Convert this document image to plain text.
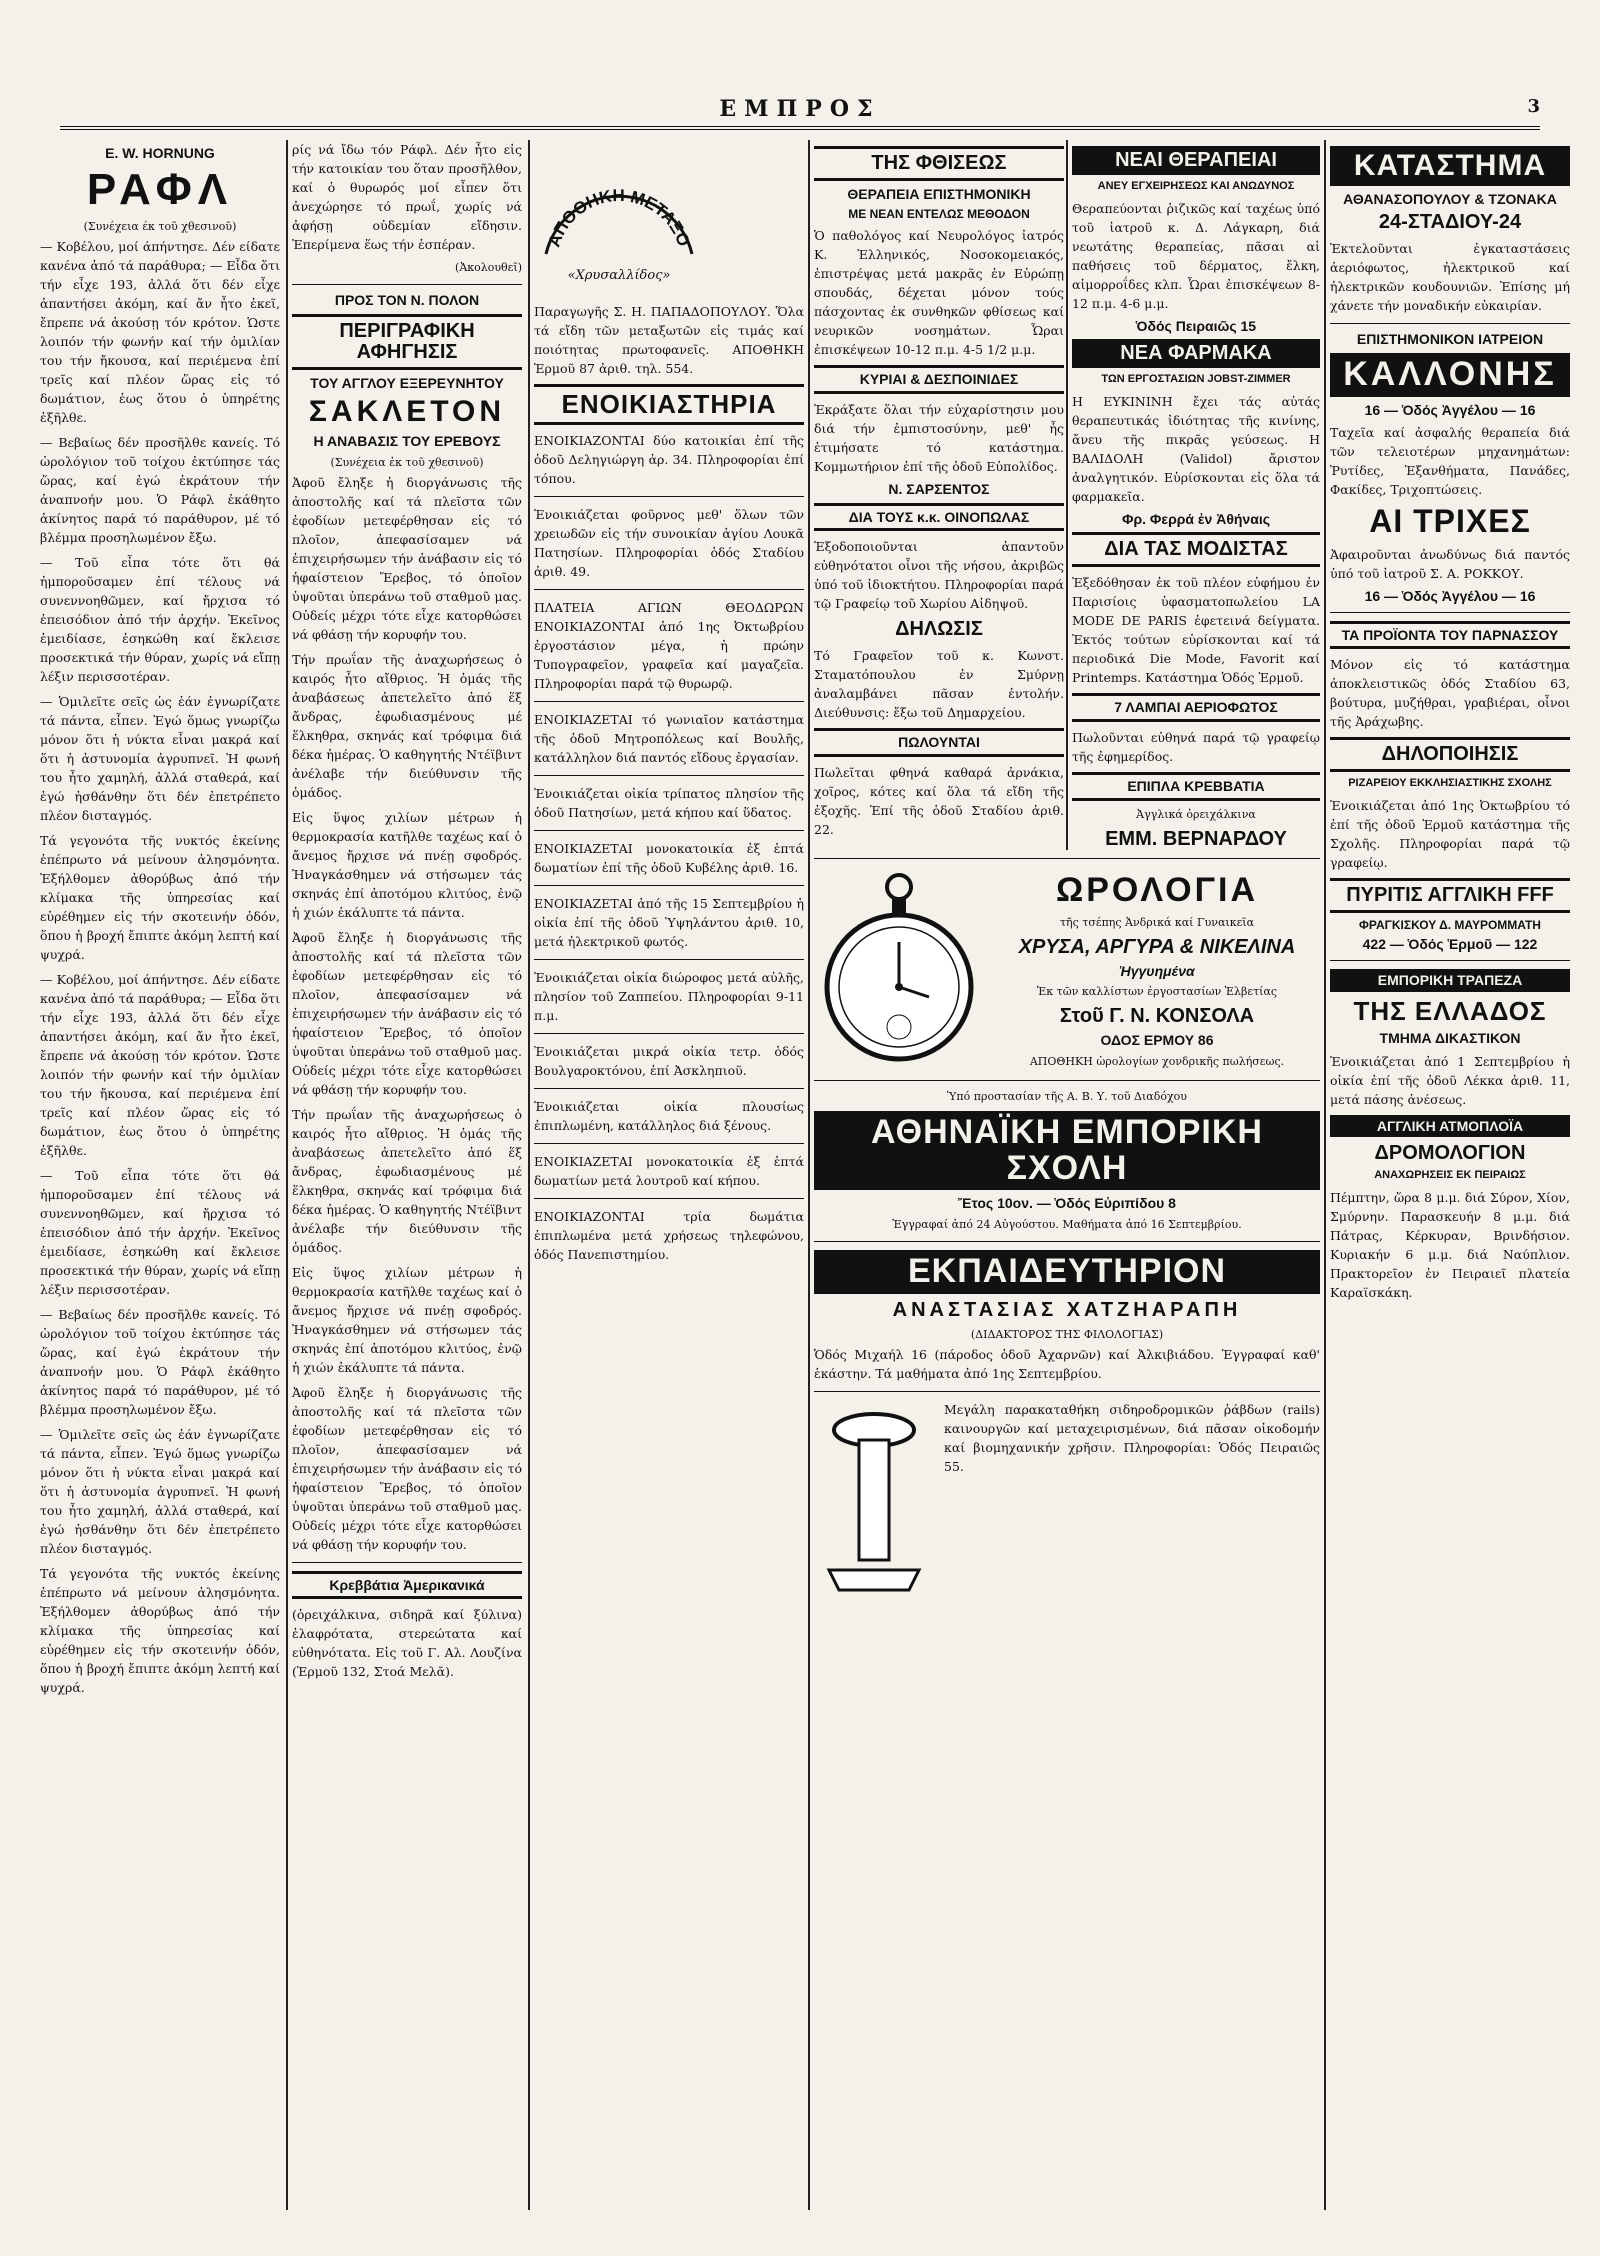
ΕΜΠΡΟΣ	3
E. W. HORNUNG
ΡΑΦΛ
(Συνέχεια έκ τοῦ χθεσινοῦ)

— Κοβέλου, μοί άπήντησε. Δέν είδατε κανένα ἀπό τά παράθυρα; — Εἶδα ὅτι τήν εἶχε 193, ἀλλά ὅτι δέν εἶχε ἀπαντήσει ἀκόμη, καί ἄν ἦτο ἐκεῖ, ἔπρεπε νά ἀκούσῃ τόν κρότον. Ὡστε λοιπόν τήν φωνήν καί τήν ὁμιλίαν του τήν ἤκουσα, καί περιέμενα ἐπί τρεῖς καί πλέον ὥρας εἰς τό δωμάτιον, ἐως ὅτου ὁ ὑπηρέτης ἐξῆλθε.

— Βεβαίως δέν προσῆλθε κανείς. Τό ὡρολόγιον τοῦ τοίχου ἐκτύπησε τάς ὥρας, καί ἐγώ ἐκράτουν τήν ἀναπνοήν μου. Ὁ Ράφλ ἐκάθητο ἀκίνητος παρά τό παράθυρον, μέ τό βλέμμα προσηλωμένον ἔξω.

— Τοῦ εἶπα τότε ὅτι θά ἠμποροῦσαμεν ἐπί τέλους νά συνεννοηθῶμεν, καί ἤρχισα τό ἐπεισόδιον ἀπό τήν ἀρχήν. Ἐκεῖνος ἐμειδίασε, ἐσηκώθη καί ἔκλεισε προσεκτικά τήν θύραν, χωρίς νά εἴπῃ λέξιν περισσοτέραν.

— Ὁμιλεῖτε σεῖς ὡς ἐάν ἐγνωρίζατε τά πάντα, εἶπεν. Ἐγώ ὅμως γνωρίζω μόνον ὅτι ἡ νύκτα εἶναι μακρά καί ὅτι ἡ ἀστυνομία ἀγρυπνεῖ. Ἡ φωνή του ἦτο χαμηλή, ἀλλά σταθερά, καί ἐγώ ἠσθάνθην ὅτι δέν ἐπετρέπετο πλέον δισταγμός.

Τά γεγονότα τῆς νυκτός ἐκείνης ἐπέπρωτο νά μείνουν ἀλησμόνητα. Ἐξήλθομεν ἀθορύβως ἀπό τήν κλίμακα τῆς ὑπηρεσίας καί εὑρέθημεν εἰς τήν σκοτεινήν ὁδόν, ὅπου ἡ βροχή ἔπιπτε ἀκόμη λεπτή καί ψυχρά.

— Κοβέλου, μοί άπήντησε. Δέν είδατε κανένα ἀπό τά παράθυρα; — Εἶδα ὅτι τήν εἶχε 193, ἀλλά ὅτι δέν εἶχε ἀπαντήσει ἀκόμη, καί ἄν ἦτο ἐκεῖ, ἔπρεπε νά ἀκούσῃ τόν κρότον. Ὡστε λοιπόν τήν φωνήν καί τήν ὁμιλίαν του τήν ἤκουσα, καί περιέμενα ἐπί τρεῖς καί πλέον ὥρας εἰς τό δωμάτιον, ἐως ὅτου ὁ ὑπηρέτης ἐξῆλθε.

— Τοῦ εἶπα τότε ὅτι θά ἠμποροῦσαμεν ἐπί τέλους νά συνεννοηθῶμεν, καί ἤρχισα τό ἐπεισόδιον ἀπό τήν ἀρχήν. Ἐκεῖνος ἐμειδίασε, ἐσηκώθη καί ἔκλεισε προσεκτικά τήν θύραν, χωρίς νά εἴπῃ λέξιν περισσοτέραν.

— Βεβαίως δέν προσῆλθε κανείς. Τό ὡρολόγιον τοῦ τοίχου ἐκτύπησε τάς ὥρας, καί ἐγώ ἐκράτουν τήν ἀναπνοήν μου. Ὁ Ράφλ ἐκάθητο ἀκίνητος παρά τό παράθυρον, μέ τό βλέμμα προσηλωμένον ἔξω.

— Ὁμιλεῖτε σεῖς ὡς ἐάν ἐγνωρίζατε τά πάντα, εἶπεν. Ἐγώ ὅμως γνωρίζω μόνον ὅτι ἡ νύκτα εἶναι μακρά καί ὅτι ἡ ἀστυνομία ἀγρυπνεῖ. Ἡ φωνή του ἦτο χαμηλή, ἀλλά σταθερά, καί ἐγώ ἠσθάνθην ὅτι δέν ἐπετρέπετο πλέον δισταγμός.

Τά γεγονότα τῆς νυκτός ἐκείνης ἐπέπρωτο νά μείνουν ἀλησμόνητα. Ἐξήλθομεν ἀθορύβως ἀπό τήν κλίμακα τῆς ὑπηρεσίας καί εὑρέθημεν εἰς τήν σκοτεινήν ὁδόν, ὅπου ἡ βροχή ἔπιπτε ἀκόμη λεπτή καί ψυχρά.

ρίς νά ἴδω τόν Ράφλ. Δέν ἦτο εἰς τήν κατοικίαν του ὅταν προσῆλθον, καί ὁ θυρωρός μοί εἶπεν ὅτι ἀνεχώρησε τό πρωΐ, χωρίς νά ἀφήσῃ οὐδεμίαν εἴδησιν. Ἐπερίμενα ἕως τήν ἑσπέραν.

(Ἀκολουθεῖ)
ΠΡΟΣ ΤΟΝ Ν. ΠΟΛΟΝ
ΠΕΡΙΓΡΑΦΙΚΗ ΑΦΗΓΗΣΙΣ
ΤΟΥ ΑΓΓΛΟΥ ΕΞΕΡΕΥΝΗΤΟΥ
ΣΑΚΛΕΤΟΝ
Η ΑΝΑΒΑΣΙΣ ΤΟΥ ΕΡΕΒΟΥΣ
(Συνέχεια ἐκ τοῦ χθεσινοῦ)

Ἀφοῦ ἔληξε ἡ διοργάνωσις τῆς ἀποστολῆς καί τά πλεῖστα τῶν ἐφοδίων μετεφέρθησαν εἰς τό πλοῖον, ἀπεφασίσαμεν νά ἐπιχειρήσωμεν τήν ἀνάβασιν εἰς τό ἡφαίστειον Ἔρεβος, τό ὁποῖον ὑψοῦται ὑπεράνω τοῦ σταθμοῦ μας. Οὐδείς μέχρι τότε εἶχε κατορθώσει νά φθάσῃ τήν κορυφήν του.

Τήν πρωΐαν τῆς ἀναχωρήσεως ὁ καιρός ἦτο αἴθριος. Ἡ ὁμάς τῆς ἀναβάσεως ἀπετελεῖτο ἀπό ἕξ ἄνδρας, ἐφωδιασμένους μέ ἕλκηθρα, σκηνάς καί τρόφιμα διά δέκα ἡμέρας. Ὁ καθηγητής Ντέϊβιντ ἀνέλαβε τήν διεύθυνσιν τῆς ὁμάδος.

Εἰς ὕψος χιλίων μέτρων ἡ θερμοκρασία κατῆλθε ταχέως καί ὁ ἄνεμος ἤρχισε νά πνέῃ σφοδρός. Ἠναγκάσθημεν νά στήσωμεν τάς σκηνάς ἐπί ἀποτόμου κλιτύος, ἐνῷ ἡ χιών ἐκάλυπτε τά πάντα.

Ἀφοῦ ἔληξε ἡ διοργάνωσις τῆς ἀποστολῆς καί τά πλεῖστα τῶν ἐφοδίων μετεφέρθησαν εἰς τό πλοῖον, ἀπεφασίσαμεν νά ἐπιχειρήσωμεν τήν ἀνάβασιν εἰς τό ἡφαίστειον Ἔρεβος, τό ὁποῖον ὑψοῦται ὑπεράνω τοῦ σταθμοῦ μας. Οὐδείς μέχρι τότε εἶχε κατορθώσει νά φθάσῃ τήν κορυφήν του.

Τήν πρωΐαν τῆς ἀναχωρήσεως ὁ καιρός ἦτο αἴθριος. Ἡ ὁμάς τῆς ἀναβάσεως ἀπετελεῖτο ἀπό ἕξ ἄνδρας, ἐφωδιασμένους μέ ἕλκηθρα, σκηνάς καί τρόφιμα διά δέκα ἡμέρας. Ὁ καθηγητής Ντέϊβιντ ἀνέλαβε τήν διεύθυνσιν τῆς ὁμάδος.

Εἰς ὕψος χιλίων μέτρων ἡ θερμοκρασία κατῆλθε ταχέως καί ὁ ἄνεμος ἤρχισε νά πνέῃ σφοδρός. Ἠναγκάσθημεν νά στήσωμεν τάς σκηνάς ἐπί ἀποτόμου κλιτύος, ἐνῷ ἡ χιών ἐκάλυπτε τά πάντα.

Ἀφοῦ ἔληξε ἡ διοργάνωσις τῆς ἀποστολῆς καί τά πλεῖστα τῶν ἐφοδίων μετεφέρθησαν εἰς τό πλοῖον, ἀπεφασίσαμεν νά ἐπιχειρήσωμεν τήν ἀνάβασιν εἰς τό ἡφαίστειον Ἔρεβος, τό ὁποῖον ὑψοῦται ὑπεράνω τοῦ σταθμοῦ μας. Οὐδείς μέχρι τότε εἶχε κατορθώσει νά φθάσῃ τήν κορυφήν του.

Κρεββάτια Ἀμερικανικά

(ὁρειχάλκινα, σιδηρᾶ καί ξύλινα) ἐλαφρότατα, στερεώτατα καί εὐθηνότατα. Εἰς τοῦ Γ. Αλ. Λουζίνα (Ἑρμοῦ 132, Στοά Μελᾶ).

ΑΠΟΘΗΚΗ ΜΕΤΑΞΟ
«Χρυσαλλίδος»

Παραγωγῆς Σ. Η. ΠΑΠΑΔΟΠΟΥΛΟΥ. Ὅλα τά εἴδη τῶν μεταξωτῶν εἰς τιμάς καί ποιότητας πρωτοφανεῖς. ΑΠΟΘΗΚΗ Ἑρμοῦ 87 ἀριθ. τηλ. 554.

ΕΝΟΙΚΙΑΣΤΗΡΙΑ

ΕΝΟΙΚΙΑΖΟΝΤΑΙ δύο κατοικίαι ἐπί τῆς ὁδοῦ Δεληγιώργη ἀρ. 34. Πληροφορίαι ἐπί τόπου.

Ἐνοικιάζεται φοῦρνος μεθ' ὅλων τῶν χρειωδῶν εἰς τήν συνοικίαν ἁγίου Λουκᾶ Πατησίων. Πληροφορίαι ὁδός Σταδίου ἀριθ. 49.

ΠΛΑΤΕΙΑ ΑΓΙΩΝ ΘΕΟΔΩΡΩΝ ΕΝΟΙΚΙΑΖΟΝΤΑΙ ἀπό 1ης Ὀκτωβρίου ἐργοστάσιον μέγα, ἡ πρώην Τυπογραφεῖον, γραφεῖα καί μαγαζεῖα. Πληροφορίαι παρά τῷ θυρωρῷ.

ΕΝΟΙΚΙΑΖΕΤΑΙ τό γωνιαῖον κατάστημα τῆς ὁδοῦ Μητροπόλεως καί Βουλῆς, κατάλληλον διά παντός εἴδους ἐργασίαν.

Ἐνοικιάζεται οἰκία τρίπατος πλησίον τῆς ὁδοῦ Πατησίων, μετά κήπου καί ὕδατος.

ΕΝΟΙΚΙΑΖΕΤΑΙ μονοκατοικία ἐξ ἑπτά δωματίων ἐπί τῆς ὁδοῦ Κυβέλης ἀριθ. 16.

ΕΝΟΙΚΙΑΖΕΤΑΙ ἀπό τῆς 15 Σεπτεμβρίου ἡ οἰκία ἐπί τῆς ὁδοῦ Ὑψηλάντου ἀριθ. 10, μετά ἠλεκτρικοῦ φωτός.

Ἐνοικιάζεται οἰκία διώροφος μετά αὐλῆς, πλησίον τοῦ Ζαππείου. Πληροφορίαι 9-11 π.μ.

Ἐνοικιάζεται μικρά οἰκία τετρ. ὁδός Βουλγαροκτόνου, ἐπί Ἀσκληπιοῦ.

Ἐνοικιάζεται οἰκία πλουσίως ἐπιπλωμένη, κατάλληλος διά ξένους.

ΕΝΟΙΚΙΑΖΕΤΑΙ μονοκατοικία ἐξ ἑπτά δωματίων μετά λουτροῦ καί κήπου.

ΕΝΟΙΚΙΑΖΟΝΤΑΙ τρία δωμάτια ἐπιπλωμένα μετά χρήσεως τηλεφώνου, ὁδός Πανεπιστημίου.

ΤΗΣ ΦΘΙΣΕΩΣ
ΘΕΡΑΠΕΙΑ ΕΠΙΣΤΗΜΟΝΙΚΗ
ΜΕ ΝΕΑΝ ΕΝΤΕΛΩΣ ΜΕΘΟΔΟΝ

Ὁ παθολόγος καί Νευρολόγος ἰατρός Κ. Ἐλληνικός, Νοσοκομειακός, ἐπιστρέψας μετά μακρᾶς ἐν Εὐρώπῃ σπουδάς, δέχεται μόνον τούς πάσχοντας ἐκ συνθηκῶν φθίσεως καί νευρικῶν νοσημάτων. Ὧραι ἐπισκέψεων 10-12 π.μ. 4-5 1/2 μ.μ.

ΚΥΡΙΑΙ & ΔΕΣΠΟΙΝΙΔΕΣ

Ἐκράξατε ὅλαι τήν εὐχαρίστησιν μου διά τήν ἐμπιστοσύνην, μεθ' ἧς ἐτιμήσατε τό κατάστημα. Κομμωτήριον ἐπί τῆς ὁδοῦ Εὐπολίδος.

Ν. ΣΑΡΣΕΝΤΟΣ
ΔΙΑ ΤΟΥΣ κ.κ. ΟΙΝΟΠΩΛΑΣ

Ἐξοδοποιοῦνται ἀπαντοῦν εὐθηνότατοι οἶνοι τῆς νήσου, ἀκριβῶς ὑπό τοῦ ἰδιοκτήτου. Πληροφορίαι παρά τῷ Γραφείῳ τοῦ Χωρίου Αἰδηψοῦ.

ΔΗΛΩΣΙΣ

Τό Γραφεῖον τοῦ κ. Κωνστ. Σταματόπουλου ἐν Σμύρνῃ ἀναλαμβάνει πᾶσαν ἐντολήν. Διεύθυνσις: ἔξω τοῦ Δημαρχείου.

ΠΩΛΟΥΝΤΑΙ

Πωλεῖται φθηνά καθαρά ἀρνάκια, χοῖρος, κότες καί ὅλα τά εἴδη τῆς ἐξοχῆς. Ἐπί τῆς ὁδοῦ Σταδίου ἀριθ. 22.

ΝΕΑΙ ΘΕΡΑΠΕΙΑΙ
ΑΝΕΥ ΕΓΧΕΙΡΗΣΕΩΣ ΚΑΙ ΑΝΩΔΥΝΟΣ

Θεραπεύονται ῥιζικῶς καί ταχέως ὑπό τοῦ ἰατροῦ κ. Δ. Λάγκαρη, διά νεωτάτης θεραπείας, πᾶσαι αἱ παθήσεις τοῦ δέρματος, ἔλκη, αἱμορροΐδες κλπ. Ὧραι ἐπισκέψεων 8-12 π.μ. 4-6 μ.μ.

Ὁδός Πειραιῶς 15
ΝΕΑ ΦΑΡΜΑΚΑ
ΤΩΝ ΕΡΓΟΣΤΑΣΙΩΝ JOBST-ZIMMER

Η ΕΥΚΙΝΙΝΗ ἔχει τάς αὐτάς θεραπευτικάς ἰδιότητας τῆς κινίνης, ἄνευ τῆς πικρᾶς γεύσεως. Η ΒΑΛΙΔΟΛΗ (Validol) ἄριστον ἀναλγητικόν. Εὑρίσκονται εἰς ὅλα τά φαρμακεῖα.

Φρ. Φερρά ἐν Ἀθήναις
ΔΙΑ ΤΑΣ ΜΟΔΙΣΤΑΣ

Ἐξεδόθησαν ἐκ τοῦ πλέον εὐφήμου ἐν Παρισίοις ὑφασματοπωλείου LA MODE DE PARIS ἐφετεινά δείγματα. Ἐκτός τούτων εὑρίσκονται καί τά περιοδικά Die Mode, Favorit καί Printemps. Κατάστημα Ὁδός Ἑρμοῦ.

7 ΛΑΜΠΑΙ ΑΕΡΙΟΦΩΤΟΣ

Πωλοῦνται εὐθηνά παρά τῷ γραφείῳ τῆς ἐφημερίδος.

ΕΠΙΠΛΑ ΚΡΕΒΒΑΤΙΑ
Ἀγγλικά ὀρειχάλκινα
ΕΜΜ. ΒΕΡΝΑΡΔΟΥ
ΩΡΟΛΟΓΙΑ
τῆς τσέπης Ἀνδρικά καί Γυναικεῖα
ΧΡΥΣΑ, ΑΡΓΥΡΑ & ΝΙΚΕΛΙΝΑ
Ἠγγυημένα
Ἐκ τῶν καλλίστων ἐργοστασίων Ἑλβετίας
Στοῦ Γ. Ν. ΚΟΝΣΟΛΑ
ΟΔΟΣ ΕΡΜΟΥ 86
ΑΠΟΘΗΚΗ ὡρολογίων χονδρικῆς πωλήσεως.
Ὑπό προστασίαν τῆς Α. Β. Υ. τοῦ Διαδόχου
ΑΘΗΝΑΪΚΗ ΕΜΠΟΡΙΚΗ ΣΧΟΛΗ
Ἔτος 10ον. — Ὁδός Εὐριπίδου 8
Ἐγγραφαί ἀπό 24 Αὐγούστου. Μαθήματα ἀπό 16 Σεπτεμβρίου.
ΕΚΠΑΙΔΕΥΤΗΡΙΟΝ
ΑΝΑΣΤΑΣΙΑΣ ΧΑΤΖΗΑΡΑΠΗ
(ΔΙΔΑΚΤΟΡΟΣ ΤΗΣ ΦΙΛΟΛΟΓΙΑΣ)

Ὁδός Μιχαήλ 16 (πάροδος ὁδοῦ Ἀχαρνῶν) καί Ἀλκιβιάδου. Ἐγγραφαί καθ' ἑκάστην. Τά μαθήματα ἀπό 1ης Σεπτεμβρίου.

Μεγάλη παρακαταθήκη σιδηροδρομικῶν ῥάβδων (rails) καινουργῶν καί μεταχειρισμένων, διά πᾶσαν οἰκοδομήν καί βιομηχανικήν χρῆσιν. Πληροφορίαι: Ὁδός Πειραιῶς 55.

ΚΑΤΑΣΤΗΜΑ
ΑΘΑΝΑΣΟΠΟΥΛΟΥ & ΤΖΟΝΑΚΑ
24-ΣΤΑΔΙΟΥ-24

Ἐκτελοῦνται ἐγκαταστάσεις ἀεριόφωτος, ἠλεκτρικοῦ καί ἠλεκτρικῶν κουδουνιῶν. Ἐπίσης μή χάνετε τήν μοναδικήν εὐκαιρίαν.

ΕΠΙΣΤΗΜΟΝΙΚΟΝ ΙΑΤΡΕΙΟΝ
ΚΑΛΛΟΝΗΣ
16 — Ὁδός Ἀγγέλου — 16

Ταχεῖα καί ἀσφαλής θεραπεία διά τῶν τελειοτέρων μηχανημάτων: Ῥυτίδες, Ἐξανθήματα, Πανάδες, Φακίδες, Τριχοπτώσεις.

ΑΙ ΤΡΙΧΕΣ

Ἀφαιροῦνται ἀνωδύνως διά παντός ὑπό τοῦ ἰατροῦ Σ. Α. ΡΟΚΚΟΥ.

16 — Ὁδός Ἀγγέλου — 16
ΤΑ ΠΡΟΪΟΝΤΑ ΤΟΥ ΠΑΡΝΑΣΣΟΥ

Μόνον εἰς τό κατάστημα ἀποκλειστικῶς ὁδός Σταδίου 63, βούτυρα, μυζήθραι, γραβιέραι, οἶνοι τῆς Ἀράχωβης.

ΔΗΛΟΠΟΙΗΣΙΣ
ΡΙΖΑΡΕΙΟΥ ΕΚΚΛΗΣΙΑΣΤΙΚΗΣ ΣΧΟΛΗΣ

Ἐνοικιάζεται ἀπό 1ης Ὀκτωβρίου τό ἐπί τῆς ὁδοῦ Ἑρμοῦ κατάστημα τῆς Σχολῆς. Πληροφορίαι παρά τῷ γραφείῳ.

ΠΥΡΙΤΙΣ ΑΓΓΛΙΚΗ FFF
ΦΡΑΓΚΙΣΚΟΥ Δ. ΜΑΥΡΟΜΜΑΤΗ
422 — Ὁδός Ἑρμοῦ — 122
ΕΜΠΟΡΙΚΗ ΤΡΑΠΕΖΑ
ΤΗΣ ΕΛΛΑΔΟΣ
ΤΜΗΜΑ ΔΙΚΑΣΤΙΚΟΝ

Ἐνοικιάζεται ἀπό 1 Σεπτεμβρίου ἡ οἰκία ἐπί τῆς ὁδοῦ Λέκκα ἀριθ. 11, μετά πάσης ἀνέσεως.

ΑΓΓΛΙΚΗ ΑΤΜΟΠΛΟΪΑ
ΔΡΟΜΟΛΟΓΙΟΝ
ΑΝΑΧΩΡΗΣΕΙΣ ΕΚ ΠΕΙΡΑΙΩΣ

Πέμπτην, ὥρα 8 μ.μ. διά Σύρον, Χίον, Σμύρνην. Παρασκευήν 8 μ.μ. διά Πάτρας, Κέρκυραν, Βρινδήσιον. Κυριακήν 6 μ.μ. διά Ναύπλιον. Πρακτορεῖον ἐν Πειραιεῖ πλατεία Καραϊσκάκη.
